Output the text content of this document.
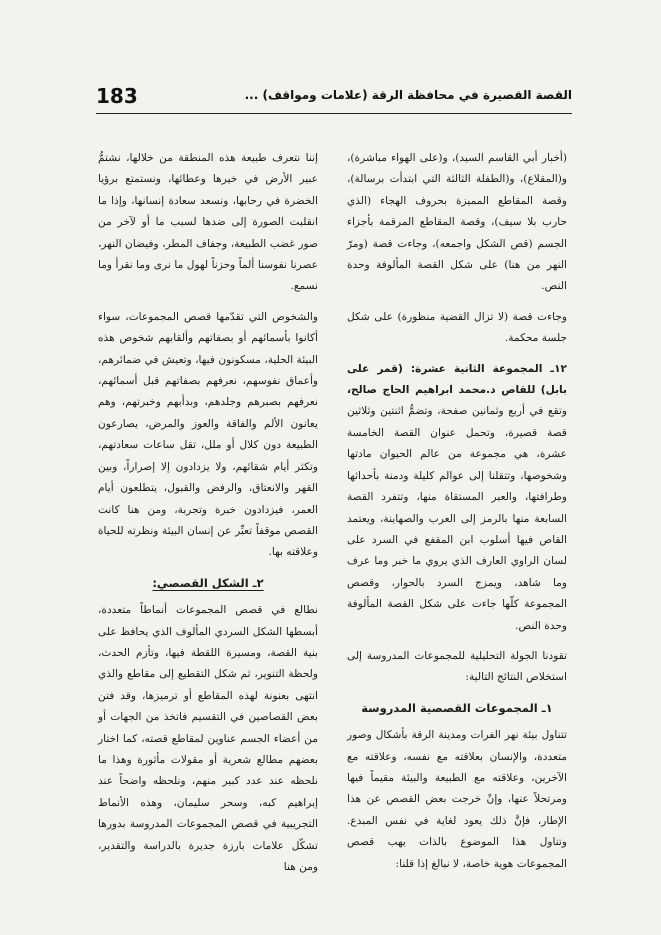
183	القصة القصيرة في محافظة الرقة (علامات ومواقف) ...

(أخبار أبي القاسم السيد)، و(على الهواء مباشرة)، و(المقلاع)، و(الطفلة الثالثة التي ابتدأت برسالة)، وقصة المقاطع المميزة بحروف الهجاء (الذي حارب بلا سيف)، وقصة المقاطع المرقمة بأجزاء الجسم (قص الشكل واجمعه)، وجاءت قصة (ومرّ النهر من هنا) على شكل القصة المألوفة وحدة النص.

وجاءت قصة (لا تزال القضية منظورة) على شكل جلسة محكمة.

١٢ـ المجموعة الثانية عشرة: (قمر على بابل) للقاص د.محمد ابراهيم الحاج صالح، وتقع في أربع وثمانين صفحة، وتضمُّ اثنتين وثلاثين قصة قصيرة، وتحمل عنوان القصة الخامسة عشرة، هي مجموعة من عالم الحيوان مادتها وشخوصها، وتتقلنا إلى عوالم كليلة ودمنة بأحداثها وطرافتها، والعبر المستقاة منها، وتتفرد القصة السابعة منها بالرمز إلى العرب والصهاينة، ويعتمد القاص فيها أسلوب ابن المقفع في السرد على لسان الراوي العارف الذي يروي ما خبر وما عرف وما شاهد، ويمزج السرد بالحوار، وقصص المجموعة كلّها جاءت على شكل القصة المألوفة وحدة النص.

تقودنا الجولة التحليلية للمجموعات المدروسة إلى استخلاص النتائج التالية:

١ـ المجموعات القصصية المدروسة

تتناول بيئة نهر الفرات ومدينة الرقة بأشكال وصور متعددة، والإنسان بعلاقته مع نفسه، وعلاقته مع الآخرين، وعلاقته مع الطبيعة والبيئة مقيماً فيها ومرتحلاً عنها، وإنْ خرجت بعض القصص عن هذا الإطار، فإنَّ ذلك يعود لغاية في نفس المبدع. وتناول هذا الموضوع بالذات يهب قصص المجموعات هوية خاصة، لا نبالغ إذا قلنا:

إننا نتعرف طبيعة هذه المنطقة من خلالها، نشتمُّ عبير الأرض في خيرها وعطائها، ونستمتع برؤيا الخضرة في رحابها، ونسعد سعادة إنسانها، وإذا ما انقلبت الصورة إلى ضدها لسبب ما أو لآخر من صور غضب الطبيعة، وجفاف المطر، وفيضان النهر، عصرنا نفوسنا ألماً وحزناً لهول ما نرى وما نقرأ وما نسمع.

والشخوص التي تقدّمها قصص المجموعات، سواء أكانوا بأسمائهم أو بصفاتهم وألقابهم شخوص هذه البيئة الحلية، مسكونون فيها، وتعيش في ضمائرهم، وأعماق نفوسهم، نعرفهم بصفاتهم قبل أسمائهم، نعرفهم بصبرهم وجلدهم، وبدأبهم وخبرتهم، وهم يعانون الألم والفاقة والعوز والمرض، يصارعون الطبيعة دون كلال أو ملل، تقل ساعات سعادتهم، وتكثر أيام شقائهم، ولا يزدادون إلا إصراراً، وبين القهر والانعتاق، والرفض والقبول، يتطلعون أيام العمر، فيزدادون خبرة وتجربة، ومن هنا كانت القصص موقفاً تعبِّر عن إنسان البيئة ونظرته للحياة وعلاقته بها.

٢ـ الشكل القصصي:

نطالع في قصص المجموعات أنماطاً متعددة، أبسطها الشكل السردي المألوف الذي يحافظ على بنية القصة، ومسيرة اللقطة فيها، وتأزم الحدث، ولحظة التنوير، ثم شكل التقطيع إلى مقاطع والذي انتهى بعنونة لهذه المقاطع أو ترميزها، وقد فتن بعض القصاصين في التقسيم فاتخذ من الجهات أو من أعضاء الجسم عناوين لمقاطع قصته، كما اختار بعضهم مطالع شعرية أو مقولات مأثورة وهذا ما نلحظه عند عدد كبير منهم، ونلحظه واضحاً عند إبراهيم كبه، وسحر سليمان، وهذه الأنماط التجريبية في قصص المجموعات المدروسة بدورها تشكّل علامات بارزة جديرة بالدراسة والتقدير، ومن هنا
